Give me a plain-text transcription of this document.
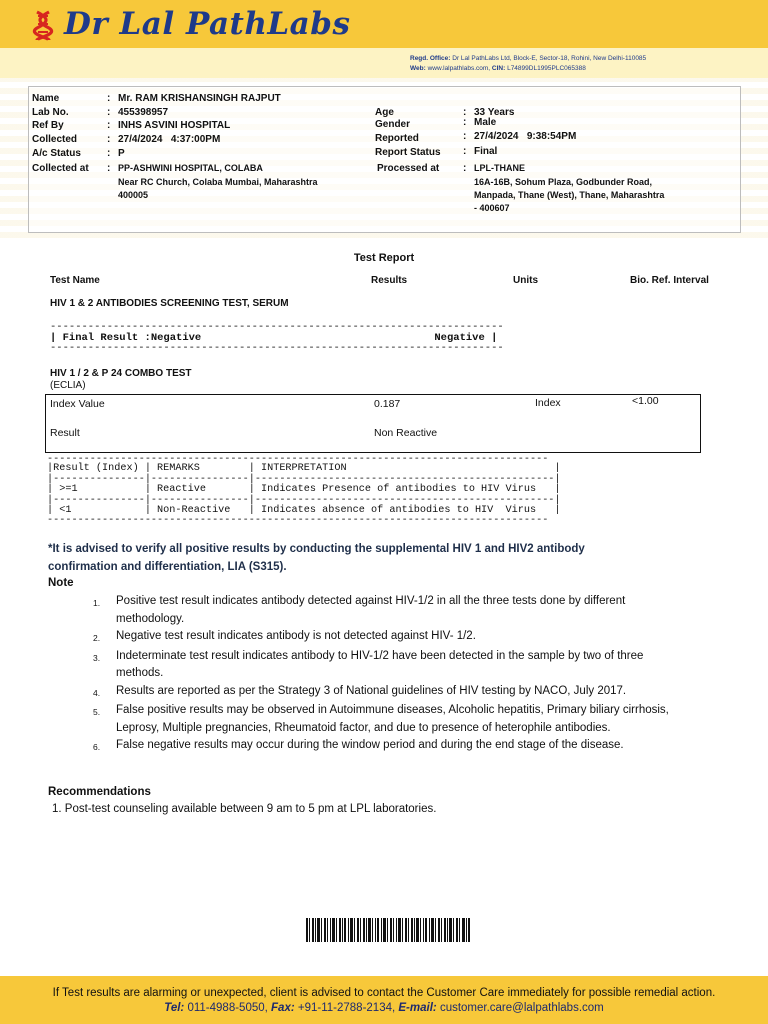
Dr Lal PathLabs
Regd. Office: Dr Lal PathLabs Ltd, Block-E, Sector-18, Rohini, New Delhi-110085
Web: www.lalpathlabs.com, CIN: L74899DL1995PLC065388
Name	: Mr. RAM KRISHANSINGH RAJPUT
Lab No.	: 455398957
Ref By	: INHS ASVINI HOSPITAL
Collected	: 27/4/2024   4:37:00PM
A/c Status	: P
Collected at : PP-ASHWINI HOSPITAL, COLABA
Near RC Church, Colaba Mumbai, Maharashtra 400005
Age	: 33 Years
Gender	: Male
Reported	: 27/4/2024   9:38:54PM
Report Status : Final
Processed at : LPL-THANE
16A-16B, Sohum Plaza, Godbunder Road, Manpada, Thane (West), Thane, Maharashtra - 400607
Test Report
Test Name	Results	Units	Bio. Ref. Interval
HIV 1 & 2 ANTIBODIES SCREENING TEST, SERUM
------------------------------------------------------------------------
| Final Result :Negative                                     Negative |
------------------------------------------------------------------------
HIV 1 / 2 & P 24 COMBO TEST
(ECLIA)
Index Value	0.187	Index	<1.00
Result	Non Reactive
----------------------------------------------------------------------------------
|Result (Index) | REMARKS        | INTERPRETATION                                  |
|---------------|----------------|-------------------------------------------------|
| >=1           | Reactive       | Indicates Presence of antibodies to HIV Virus   |
|---------------|----------------|-------------------------------------------------|
| <1            | Non-Reactive   | Indicates absence of antibodies to HIV  Virus   |
----------------------------------------------------------------------------------
*It is advised to verify all positive results by conducting the supplemental HIV 1 and HIV2 antibody confirmation and differentiation, LIA (S315).
Note
1.	Positive test result indicates antibody detected against HIV-1/2 in all the three tests done by different methodology.
2.	Negative test result indicates antibody is not detected against HIV- 1/2.
3.	Indeterminate test result indicates antibody to HIV-1/2 have been detected in the sample by two of three methods.
4.	Results are reported as per the Strategy 3 of National guidelines of HIV testing by NACO, July 2017.
5.	False positive results may be observed in Autoimmune diseases, Alcoholic hepatitis, Primary biliary cirrhosis, Leprosy, Multiple pregnancies, Rheumatoid factor, and due to presence of heterophile antibodies.
6.	False negative results may occur during the window period and during the end stage of the disease.
Recommendations
1. Post-test counseling available between 9 am to 5 pm at LPL laboratories.
If Test results are alarming or unexpected, client is advised to contact the Customer Care immediately for possible remedial action.
Tel: 011-4988-5050, Fax: +91-11-2788-2134, E-mail: customer.care@lalpathlabs.com
